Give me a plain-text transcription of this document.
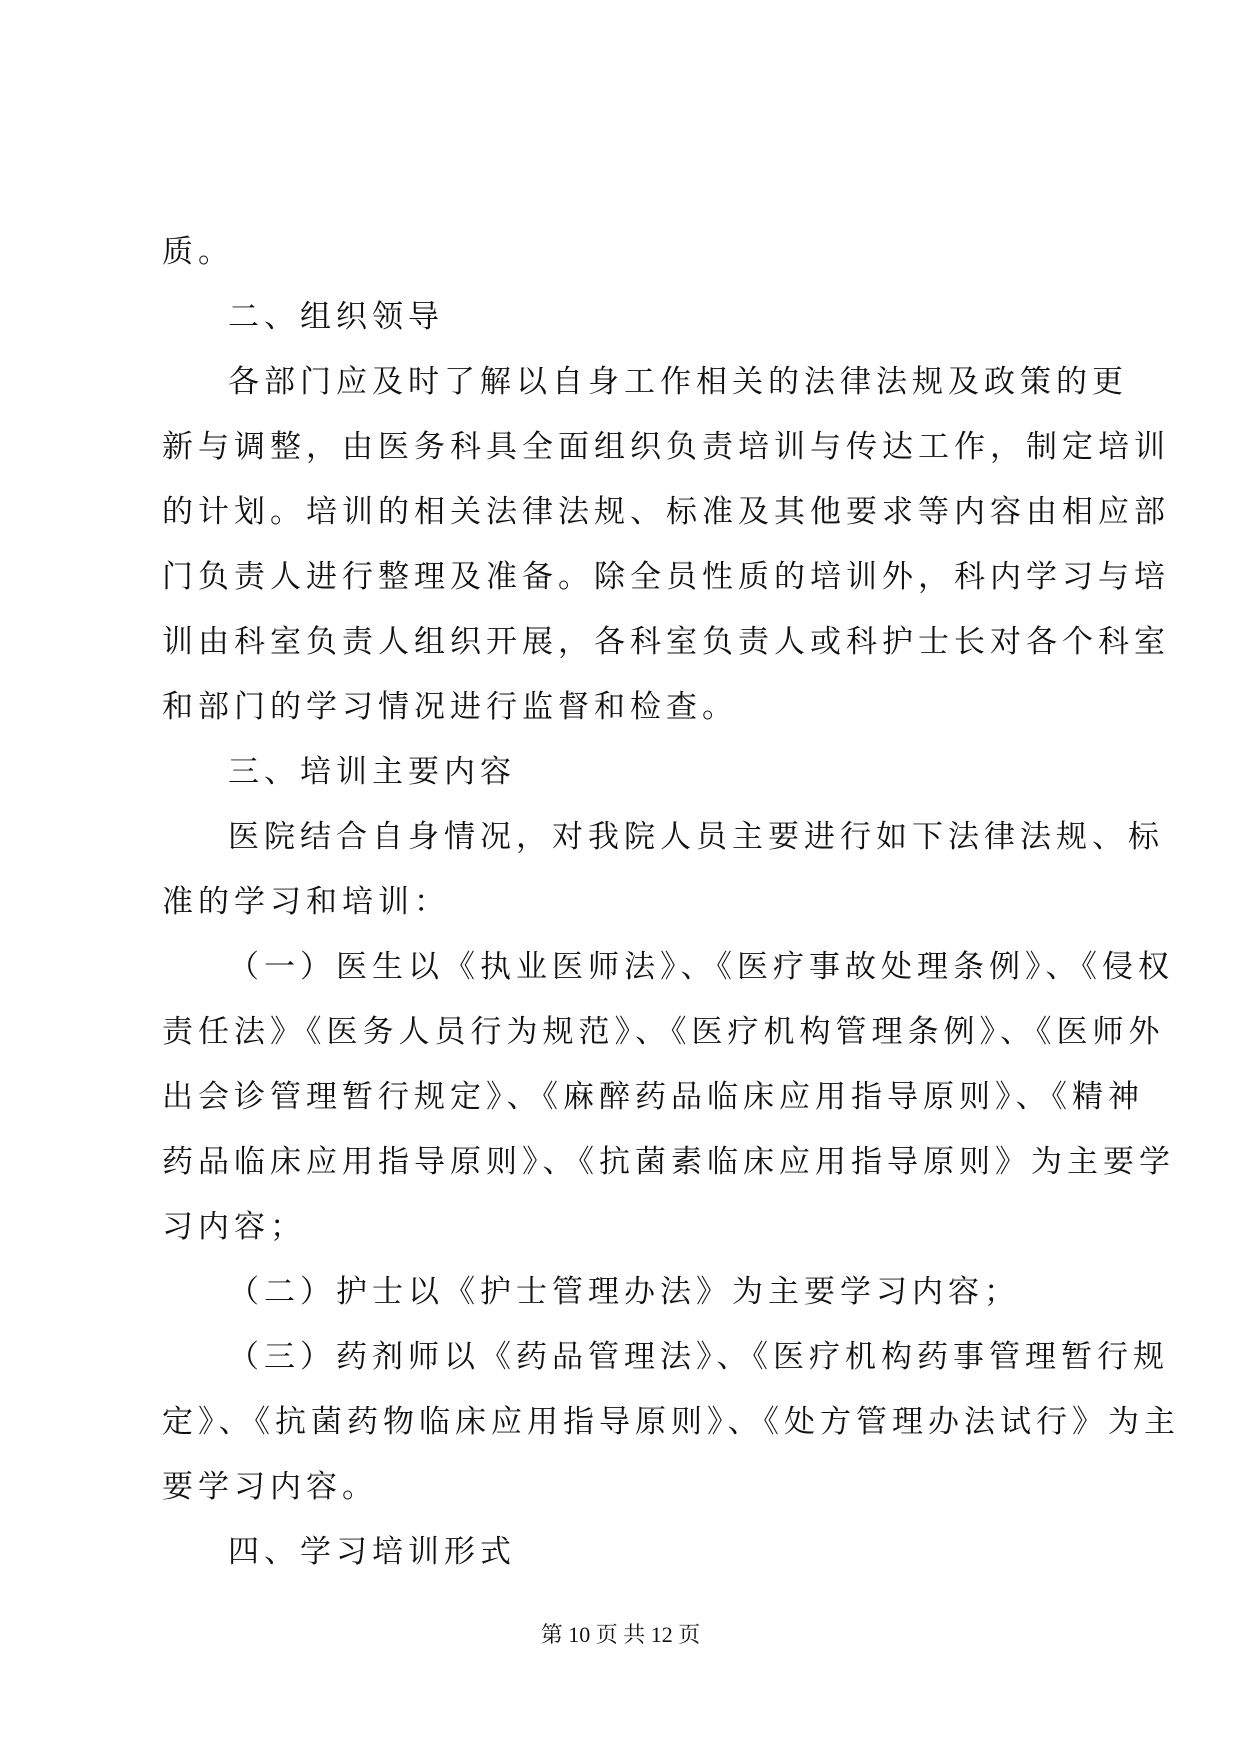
质。
二、组织领导
各部门应及时了解以自身工作相关的法律法规及政策的更
新与调整，由医务科具全面组织负责培训与传达工作，制定培训
的计划。培训的相关法律法规、标准及其他要求等内容由相应部
门负责人进行整理及准备。除全员性质的培训外，科内学习与培
训由科室负责人组织开展，各科室负责人或科护士长对各个科室
和部门的学习情况进行监督和检查。
三、培训主要内容
医院结合自身情况，对我院人员主要进行如下法律法规、标
准的学习和培训：
（一）医生以《执业医师法》、《医疗事故处理条例》、《侵权
责任法》《医务人员行为规范》、《医疗机构管理条例》、《医师外
出会诊管理暂行规定》、《麻醉药品临床应用指导原则》、《精神
药品临床应用指导原则》、《抗菌素临床应用指导原则》为主要学
习内容；
（二）护士以《护士管理办法》为主要学习内容；
（三）药剂师以《药品管理法》、《医疗机构药事管理暂行规
定》、《抗菌药物临床应用指导原则》、《处方管理办法试行》为主
要学习内容。
四、学习培训形式
第 10 页 共 12 页
